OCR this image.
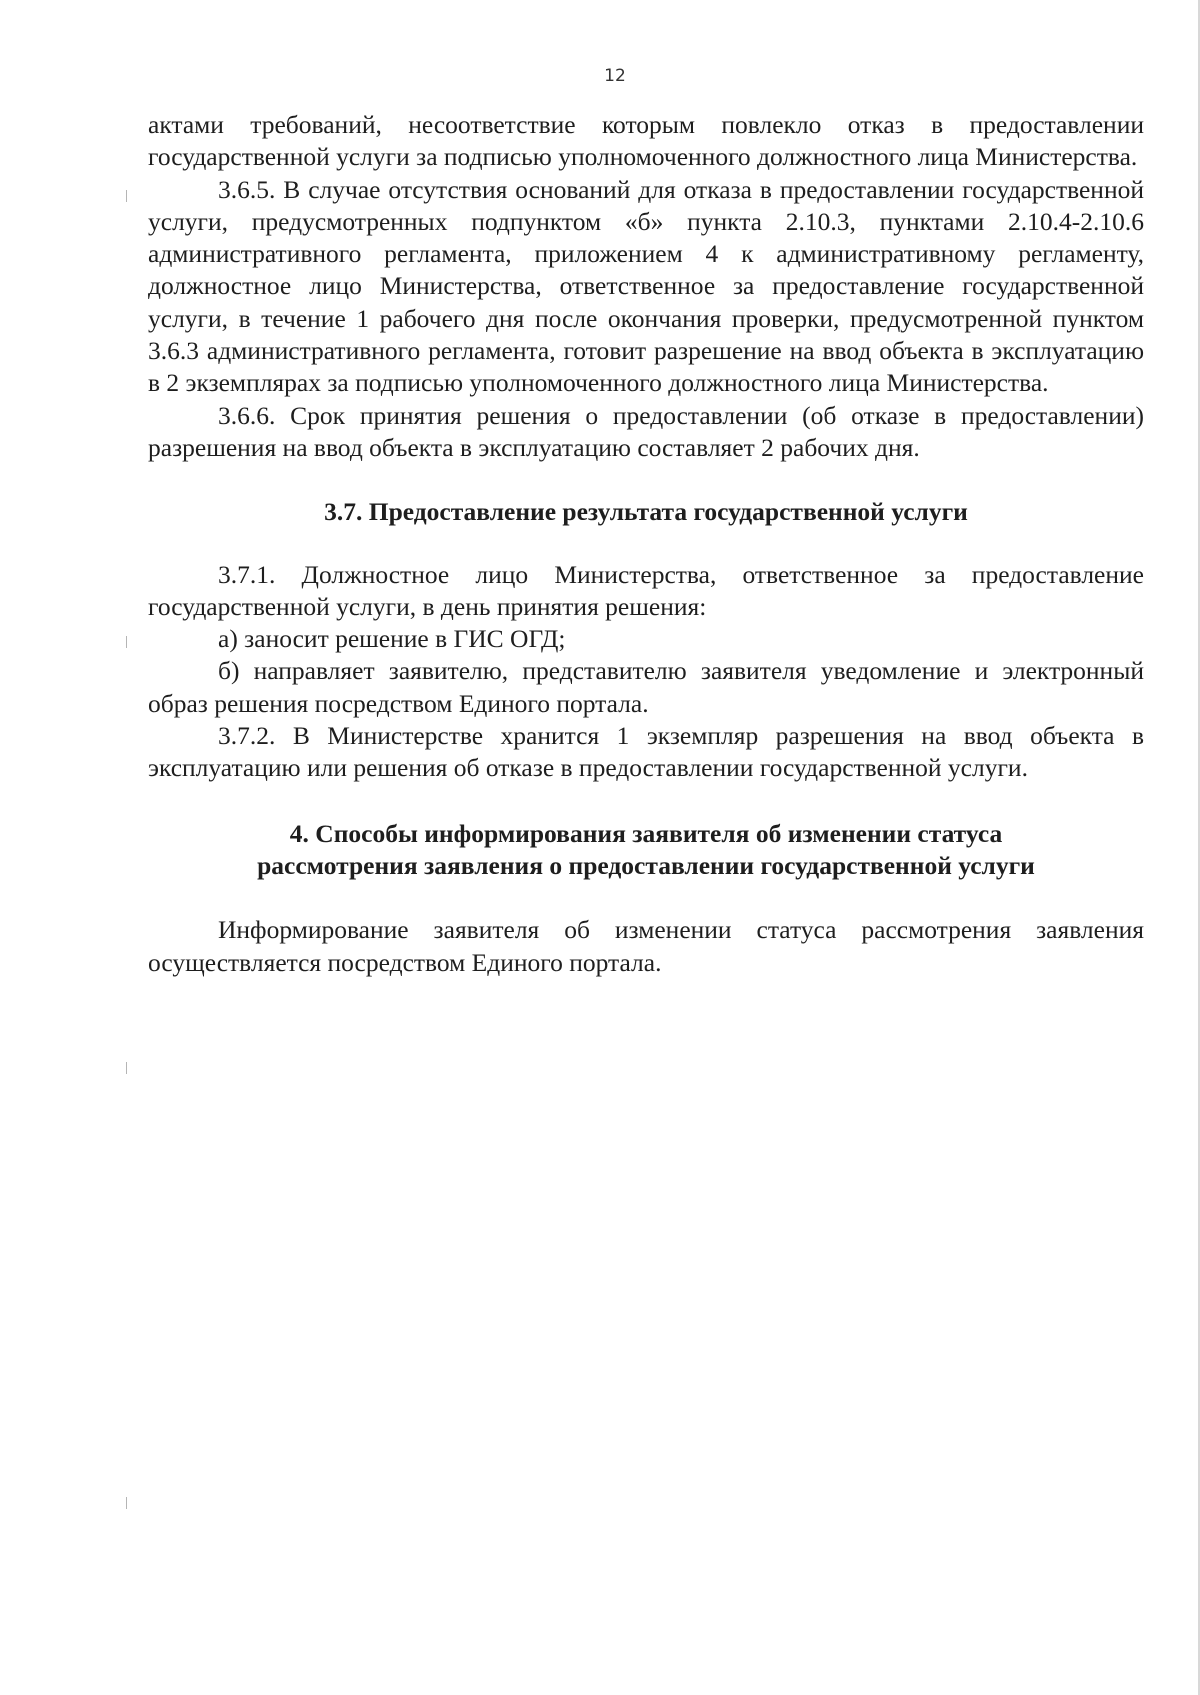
12

актами требований, несоответствие которым повлекло отказ в предоставлении государственной услуги за подписью уполномоченного должностного лица Министерства.

3.6.5. В случае отсутствия оснований для отказа в предоставлении государственной услуги, предусмотренных подпунктом «б» пункта 2.10.3, пунктами 2.10.4-2.10.6 административного регламента, приложением 4 к административному регламенту, должностное лицо Министерства, ответственное за предоставление государственной услуги, в течение 1 рабочего дня после окончания проверки, предусмотренной пунктом 3.6.3 административного регламента, готовит разрешение на ввод объекта в эксплуатацию в 2 экземплярах за подписью уполномоченного должностного лица Министерства.

3.6.6. Срок принятия решения о предоставлении (об отказе в предоставлении) разрешения на ввод объекта в эксплуатацию составляет 2 рабочих дня.

3.7. Предоставление результата государственной услуги

3.7.1. Должностное лицо Министерства, ответственное за предоставление государственной услуги, в день принятия решения:

а) заносит решение в ГИС ОГД;

б) направляет заявителю, представителю заявителя уведомление и электронный образ решения посредством Единого портала.

3.7.2. В Министерстве хранится 1 экземпляр разрешения на ввод объекта в эксплуатацию или решения об отказе в предоставлении государственной услуги.

4. Способы информирования заявителя об изменении статуса
рассмотрения заявления о предоставлении государственной услуги

Информирование заявителя об изменении статуса рассмотрения заявления осуществляется посредством Единого портала.
